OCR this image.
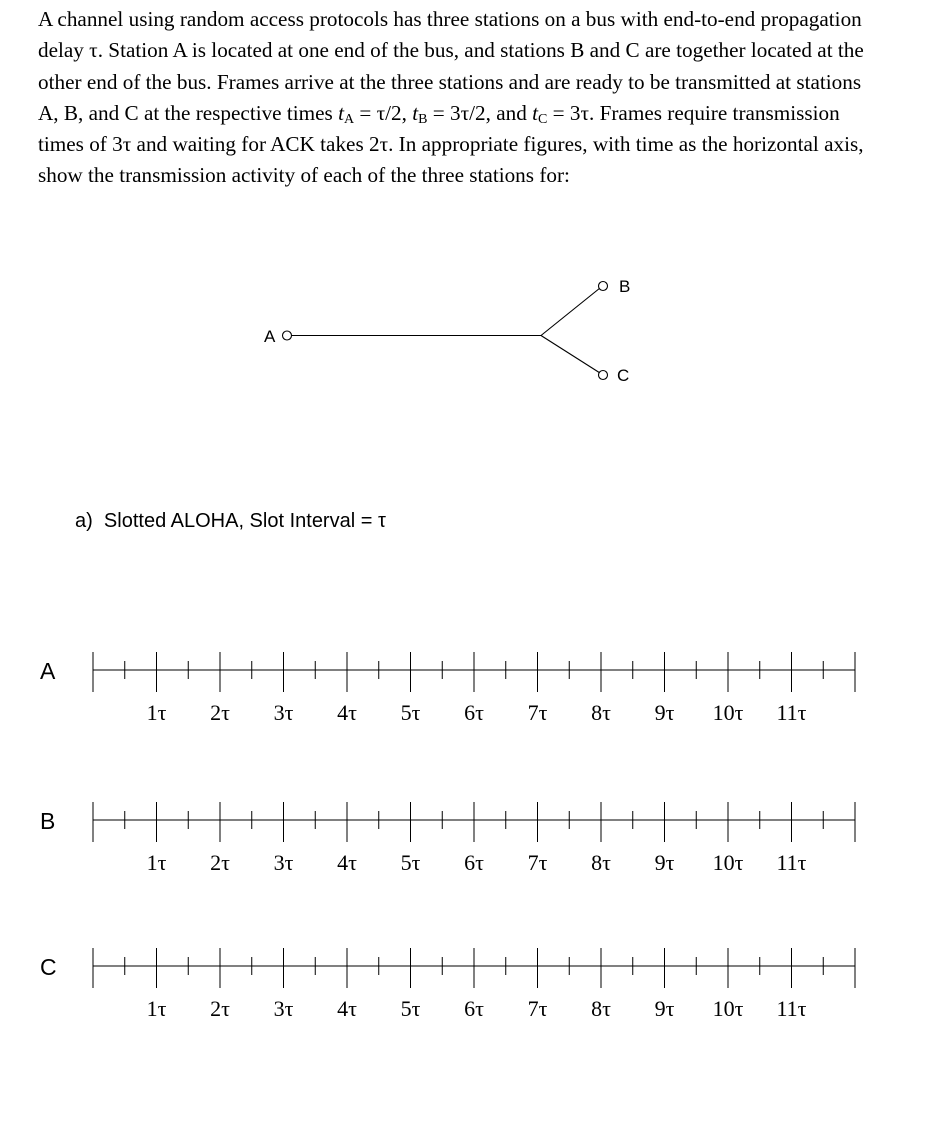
A channel using random access protocols has three stations on a bus with end-to-end propagation delay τ. Station A is located at one end of the bus, and stations B and C are together located at the other end of the bus. Frames arrive at the three stations and are ready to be transmitted at stations A, B, and C at the respective times $t_A = \tau/2$, $t_B = 3\tau/2$, and $t_C = 3\tau$. Frames require transmission times of 3τ and waiting for ACK takes 2τ. In appropriate figures, with time as the horizontal axis, show the transmission activity of each of the three stations for:
A
B
C
a) Slotted ALOHA, Slot Interval = τ
A
1τ 2τ 3τ 4τ 5τ 6τ 7τ 8τ 9τ 10τ 11τ
B
1τ 2τ 3τ 4τ 5τ 6τ 7τ 8τ 9τ 10τ 11τ
C
1τ 2τ 3τ 4τ 5τ 6τ 7τ 8τ 9τ 10τ 11τ
